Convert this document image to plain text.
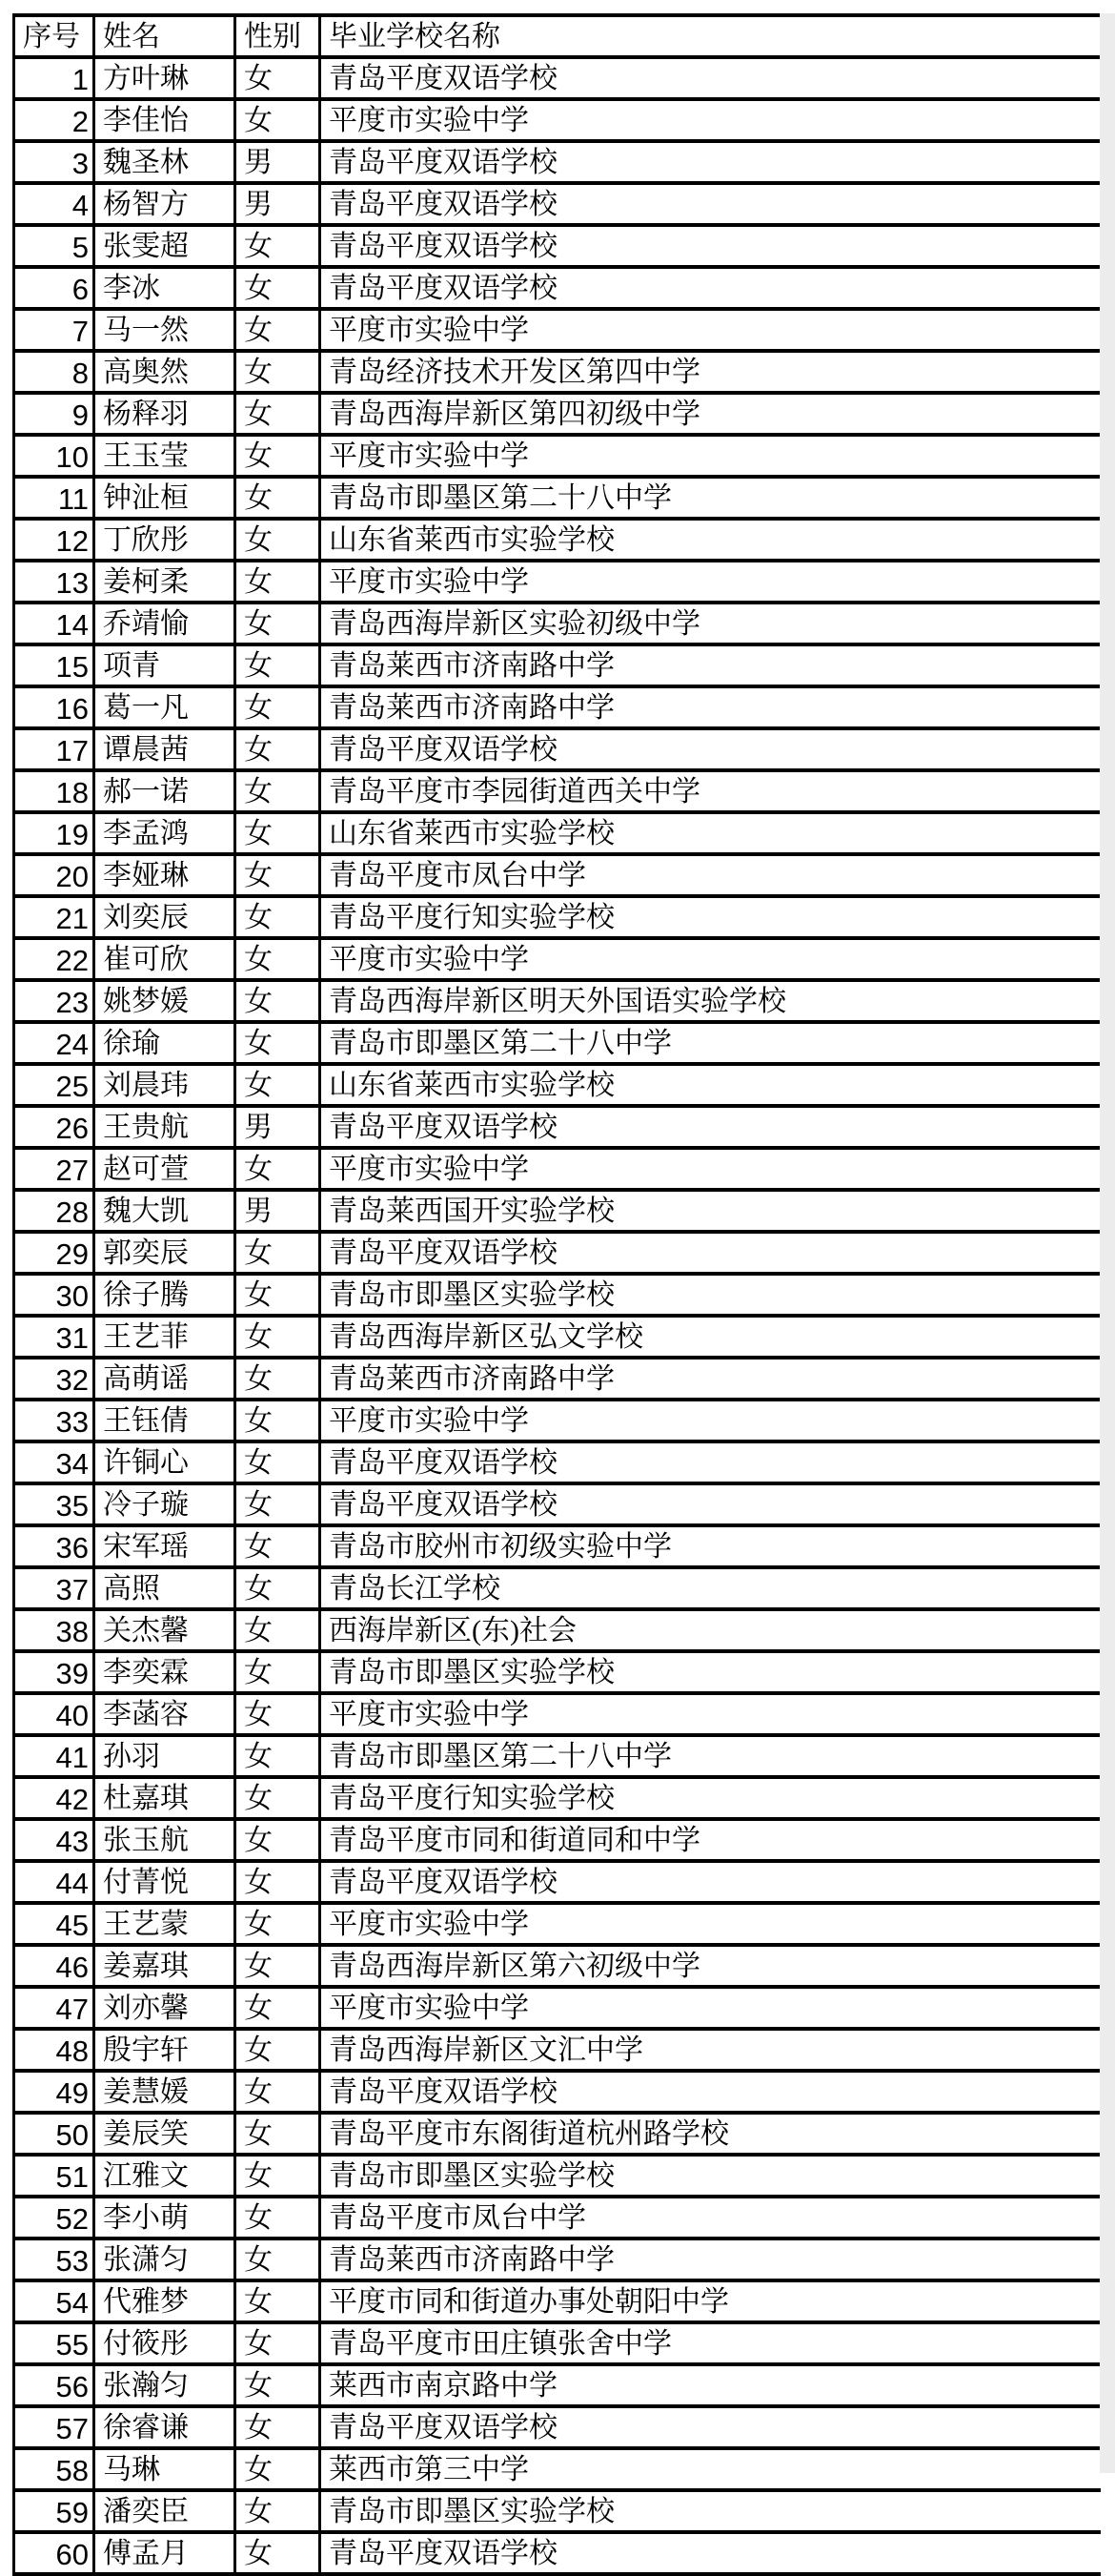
序号	姓名	性别	毕业学校名称
1	方叶琳	女	青岛平度双语学校
2	李佳怡	女	平度市实验中学
3	魏圣林	男	青岛平度双语学校
4	杨智方	男	青岛平度双语学校
5	张雯超	女	青岛平度双语学校
6	李冰	女	青岛平度双语学校
7	马一然	女	平度市实验中学
8	高奥然	女	青岛经济技术开发区第四中学
9	杨释羽	女	青岛西海岸新区第四初级中学
10	王玉莹	女	平度市实验中学
11	钟沚桓	女	青岛市即墨区第二十八中学
12	丁欣彤	女	山东省莱西市实验学校
13	姜柯柔	女	平度市实验中学
14	乔靖愉	女	青岛西海岸新区实验初级中学
15	项青	女	青岛莱西市济南路中学
16	葛一凡	女	青岛莱西市济南路中学
17	谭晨茜	女	青岛平度双语学校
18	郝一诺	女	青岛平度市李园街道西关中学
19	李孟鸿	女	山东省莱西市实验学校
20	李娅琳	女	青岛平度市凤台中学
21	刘奕辰	女	青岛平度行知实验学校
22	崔可欣	女	平度市实验中学
23	姚梦媛	女	青岛西海岸新区明天外国语实验学校
24	徐瑜	女	青岛市即墨区第二十八中学
25	刘晨玮	女	山东省莱西市实验学校
26	王贵航	男	青岛平度双语学校
27	赵可萱	女	平度市实验中学
28	魏大凯	男	青岛莱西国开实验学校
29	郭奕辰	女	青岛平度双语学校
30	徐子腾	女	青岛市即墨区实验学校
31	王艺菲	女	青岛西海岸新区弘文学校
32	高萌谣	女	青岛莱西市济南路中学
33	王钰倩	女	平度市实验中学
34	许铜心	女	青岛平度双语学校
35	冷子璇	女	青岛平度双语学校
36	宋军瑶	女	青岛市胶州市初级实验中学
37	高照	女	青岛长江学校
38	关杰馨	女	西海岸新区(东)社会
39	李奕霖	女	青岛市即墨区实验学校
40	李菡容	女	平度市实验中学
41	孙羽	女	青岛市即墨区第二十八中学
42	杜嘉琪	女	青岛平度行知实验学校
43	张玉航	女	青岛平度市同和街道同和中学
44	付菁悦	女	青岛平度双语学校
45	王艺蒙	女	平度市实验中学
46	姜嘉琪	女	青岛西海岸新区第六初级中学
47	刘亦馨	女	平度市实验中学
48	殷宇轩	女	青岛西海岸新区文汇中学
49	姜慧媛	女	青岛平度双语学校
50	姜辰笑	女	青岛平度市东阁街道杭州路学校
51	江雅文	女	青岛市即墨区实验学校
52	李小萌	女	青岛平度市凤台中学
53	张潇匀	女	青岛莱西市济南路中学
54	代雅梦	女	平度市同和街道办事处朝阳中学
55	付筱彤	女	青岛平度市田庄镇张舍中学
56	张瀚匀	女	莱西市南京路中学
57	徐睿谦	女	青岛平度双语学校
58	马琳	女	莱西市第三中学
59	潘奕臣	女	青岛市即墨区实验学校
60	傅孟月	女	青岛平度双语学校
